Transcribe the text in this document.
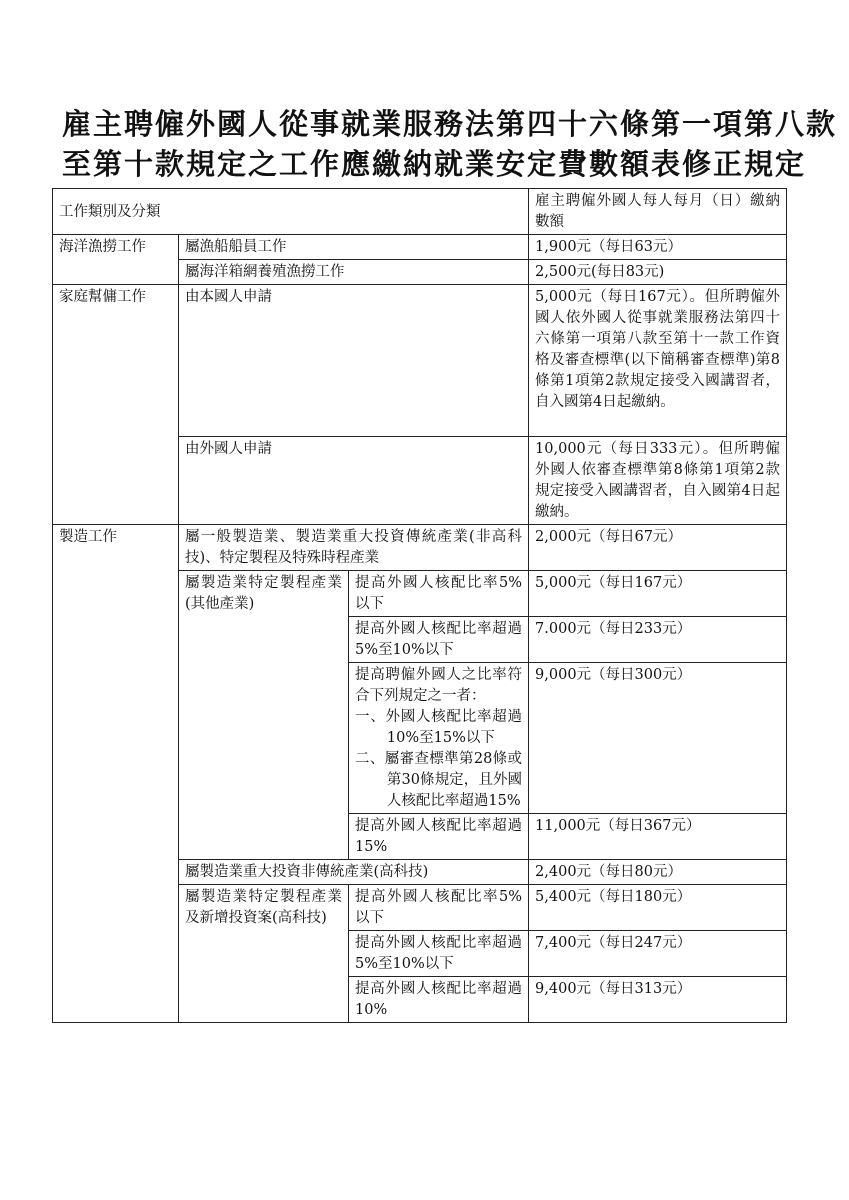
雇主聘僱外國人從事就業服務法第四十六條第一項第八款
至第十款規定之工作應繳納就業安定費數額表修正規定
工作類別及分類			雇主聘僱外國人每人每月（日）繳納數額
海洋漁撈工作	屬漁船船員工作		1,900元（每日63元）
	屬海洋箱網養殖漁撈工作		2,500元(每日83元)
家庭幫傭工作	由本國人申請		5,000元（每日167元）。但所聘僱外國人依外國人從事就業服務法第四十六條第一項第八款至第十一款工作資格及審查標準(以下簡稱審查標準)第8條第1項第2款規定接受入國講習者，自入國第4日起繳納。
	由外國人申請		10,000元（每日333元）。但所聘僱外國人依審查標準第8條第1項第2款規定接受入國講習者，自入國第4日起繳納。
製造工作	屬一般製造業、製造業重大投資傳統產業(非高科技)、特定製程及特殊時程產業		2,000元（每日67元）
	屬製造業特定製程產業(其他產業)	提高外國人核配比率5%以下	5,000元（每日167元）
		提高外國人核配比率超過5%至10%以下	7.000元（每日233元）

		提高聘僱外國人之比率符合下列規定之一者：
一、外國人核配比率超過10%至15%以下
二、屬審查標準第28條或第30條規定，且外國人核配比率超過15%	9,000元（每日300元）
		提高外國人核配比率超過15%	11,000元（每日367元）
	屬製造業重大投資非傳統產業(高科技)		2,400元（每日80元）
	屬製造業特定製程產業及新增投資案(高科技)	提高外國人核配比率5%以下	5,400元（每日180元）
		提高外國人核配比率超過5%至10%以下	7,400元（每日247元）
		提高外國人核配比率超過10%	9,400元（每日313元）
